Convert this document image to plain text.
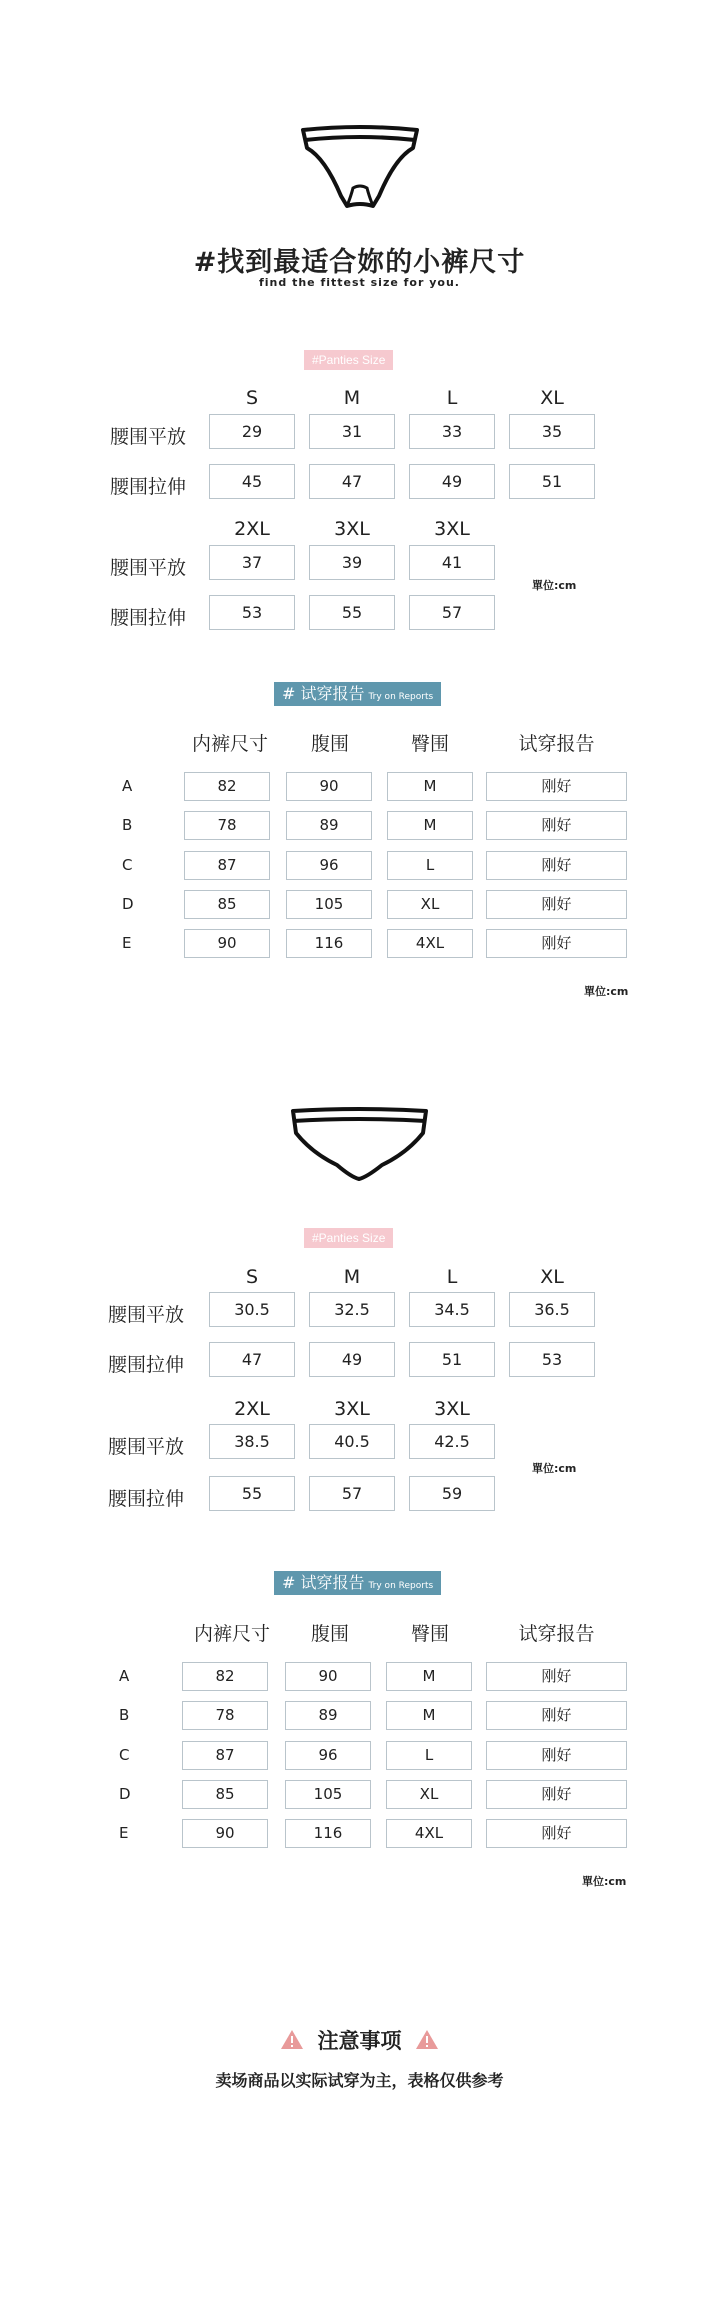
#找到最适合妳的小裤尺寸
find the fittest size for you.
#Panties Size
S	M	L	XL
腰围平放	29	31	33	35
腰围拉伸	45	47	49	51
2XL	3XL	3XL
腰围平放	37	39	41
單位:cm
腰围拉伸	53	55	57
# 试穿报告 Try on Reports
内裤尺寸	腹围	臀围	试穿报告
A	82	90	M	刚好
B	78	89	M	刚好
C	87	96	L	刚好
D	85	105	XL	刚好
E	90	116	4XL	刚好
單位:cm
#Panties Size
S	M	L	XL
腰围平放	30.5	32.5	34.5	36.5
腰围拉伸	47	49	51	53
2XL	3XL	3XL
腰围平放	38.5	40.5	42.5
單位:cm
腰围拉伸	55	57	59
# 试穿报告 Try on Reports
内裤尺寸	腹围	臀围	试穿报告
A	82	90	M	刚好
B	78	89	M	刚好
C	87	96	L	刚好
D	85	105	XL	刚好
E	90	116	4XL	刚好
單位:cm
注意事项
卖场商品以实际试穿为主，表格仅供参考
